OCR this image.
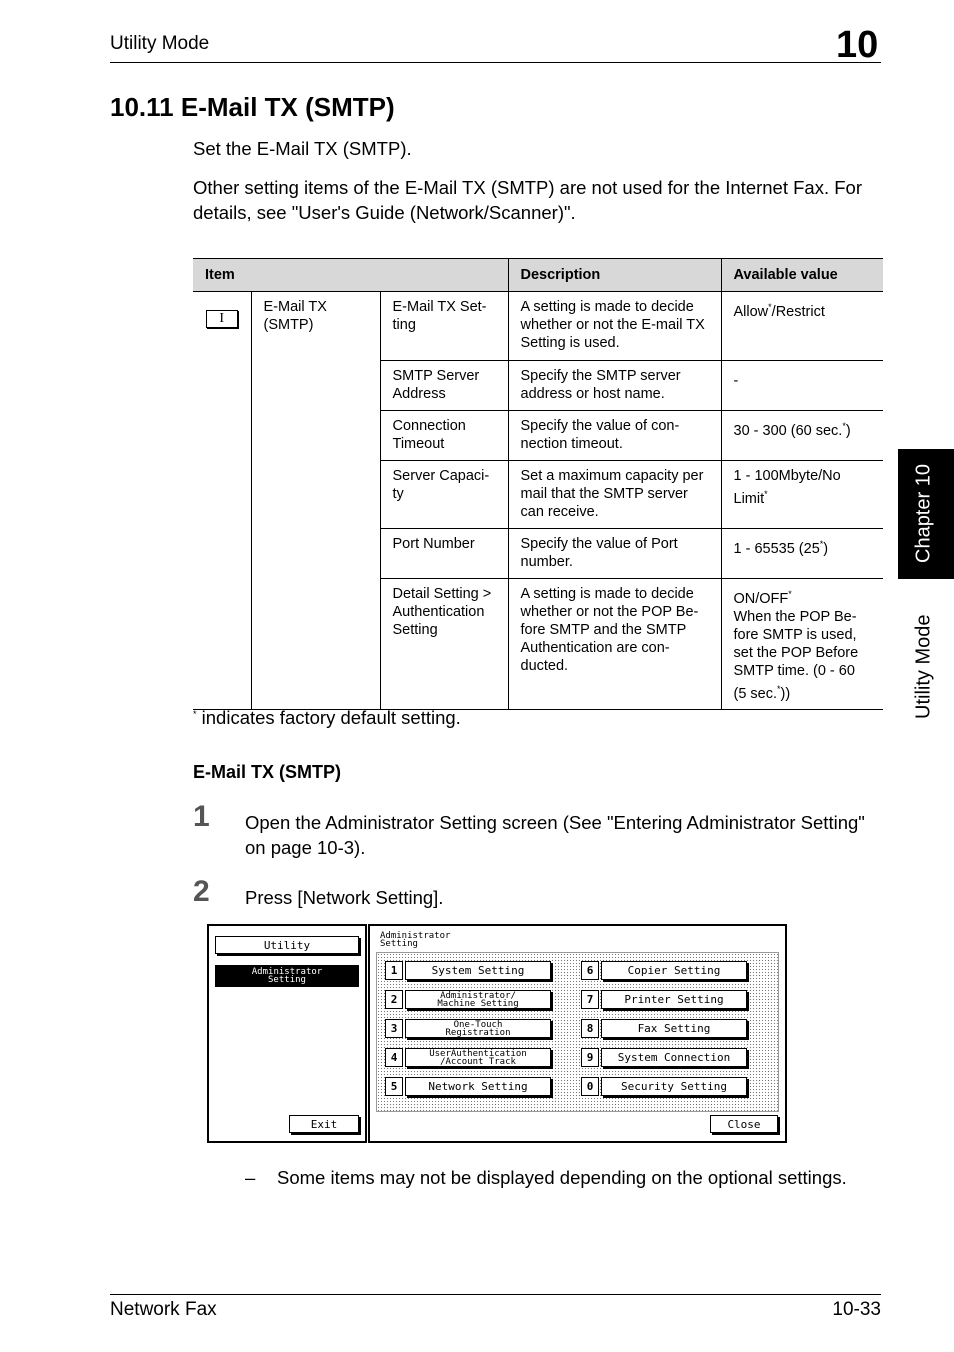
Utility Mode	10
Chapter 10
Utility Mode
10.11 E-Mail TX (SMTP)
Set the E-Mail TX (SMTP).
Other setting items of the E-Mail TX (SMTP) are not used for the Internet Fax. For details, see "User's Guide (Network/Scanner)".
Item			Description	Available value
I	E-Mail TX (SMTP)	E-Mail TX Set-ting	A setting is made to decide whether or not the E-mail TX Setting is used.	Allow*/Restrict
		SMTP Server Address	Specify the SMTP server address or host name.	-
		Connection Timeout	Specify the value of con-nection timeout.	30 - 300 (60 sec.*)
		Server Capaci-ty	Set a maximum capacity per mail that the SMTP server can receive.	1 - 100Mbyte/No Limit*
		Port Number	Specify the value of Port number.	1 - 65535 (25*)
		Detail Setting > Authentication Setting	A setting is made to decide whether or not the POP Be-fore SMTP and the SMTP Authentication are con-ducted.	ON/OFF*
When the POP Be-fore SMTP is used, set the POP Before SMTP time. (0 - 60 (5 sec.*))
* indicates factory default setting.
E-Mail TX (SMTP)
1 Open the Administrator Setting screen (See "Entering Administrator Setting" on page 10-3).
2 Press [Network Setting].
Utility
Administrator
Setting
Exit
Administrator
Setting
1	System Setting
2	Administrator/
Machine Setting
3	One-Touch
Registration
4	UserAuthentication
/Account Track
5	Network Setting
6	Copier Setting
7	Printer Setting
8	Fax Setting
9	System Connection
0	Security Setting
Close
– Some items may not be displayed depending on the optional settings.
Network Fax	10-33
